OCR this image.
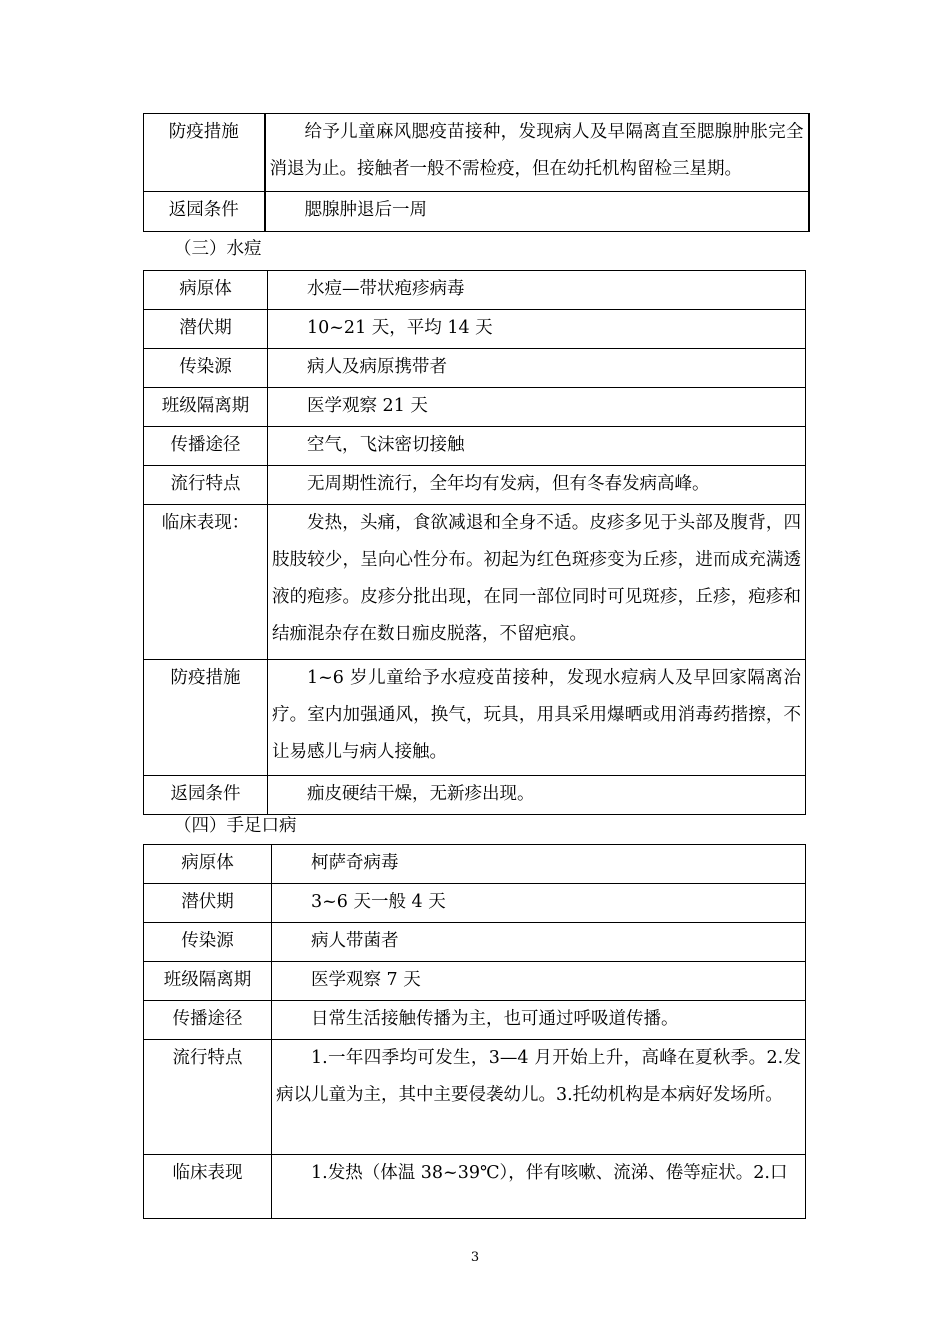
防疫措施	给予儿童麻风腮疫苗接种，发现病人及早隔离直至腮腺肿胀完全消退为止。接触者一般不需检疫，但在幼托机构留检三星期。
返园条件	腮腺肿退后一周
（三）水痘
病原体	水痘—带状疱疹病毒
潜伏期	10~21 天，平均 14 天
传染源	病人及病原携带者
班级隔离期	医学观察 21 天
传播途径	空气，飞沫密切接触
流行特点	无周期性流行，全年均有发病，但有冬春发病高峰。
临床表现：	发热，头痛，食欲减退和全身不适。皮疹多见于头部及腹背，四肢肢较少，呈向心性分布。初起为红色斑疹变为丘疹，进而成充满透液的疱疹。皮疹分批出现，在同一部位同时可见斑疹，丘疹，疱疹和结痂混杂存在数日痂皮脱落，不留疤痕。
防疫措施	1~6 岁儿童给予水痘疫苗接种，发现水痘病人及早回家隔离治疗。室内加强通风，换气，玩具，用具采用爆晒或用消毒药揩擦，不让易感儿与病人接触。
返园条件	痂皮硬结干燥，无新疹出现。
（四）手足口病
病原体	柯萨奇病毒
潜伏期	3~6 天一般 4 天
传染源	病人带菌者
班级隔离期	医学观察 7 天
传播途径	日常生活接触传播为主，也可通过呼吸道传播。
流行特点	1.一年四季均可发生，3—4 月开始上升，高峰在夏秋季。2.发病以儿童为主，其中主要侵袭幼儿。3.托幼机构是本病好发场所。
临床表现	1.发热（体温 38~39℃），伴有咳嗽、流涕、倦等症状。2.口
3
